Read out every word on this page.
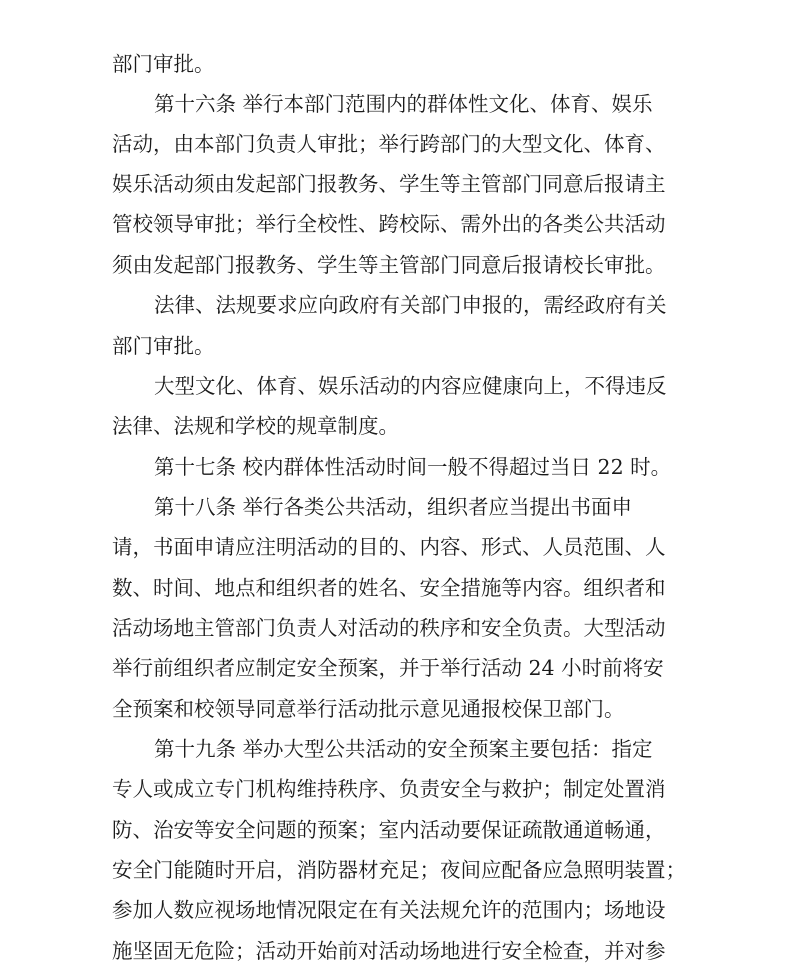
部门审批。
第十六条 举行本部门范围内的群体性文化、体育、娱乐
活动，由本部门负责人审批；举行跨部门的大型文化、体育、
娱乐活动须由发起部门报教务、学生等主管部门同意后报请主
管校领导审批；举行全校性、跨校际、需外出的各类公共活动
须由发起部门报教务、学生等主管部门同意后报请校长审批。
法律、法规要求应向政府有关部门申报的，需经政府有关
部门审批。
大型文化、体育、娱乐活动的内容应健康向上，不得违反
法律、法规和学校的规章制度。
第十七条 校内群体性活动时间一般不得超过当日 22 时。
第十八条 举行各类公共活动，组织者应当提出书面申
请，书面申请应注明活动的目的、内容、形式、人员范围、人
数、时间、地点和组织者的姓名、安全措施等内容。组织者和
活动场地主管部门负责人对活动的秩序和安全负责。大型活动
举行前组织者应制定安全预案，并于举行活动 24 小时前将安
全预案和校领导同意举行活动批示意见通报校保卫部门。
第十九条 举办大型公共活动的安全预案主要包括：指定
专人或成立专门机构维持秩序、负责安全与救护；制定处置消
防、治安等安全问题的预案；室内活动要保证疏散通道畅通，
安全门能随时开启，消防器材充足；夜间应配备应急照明装置；
参加人数应视场地情况限定在有关法规允许的范围内；场地设
施坚固无危险；活动开始前对活动场地进行安全检查，并对参
